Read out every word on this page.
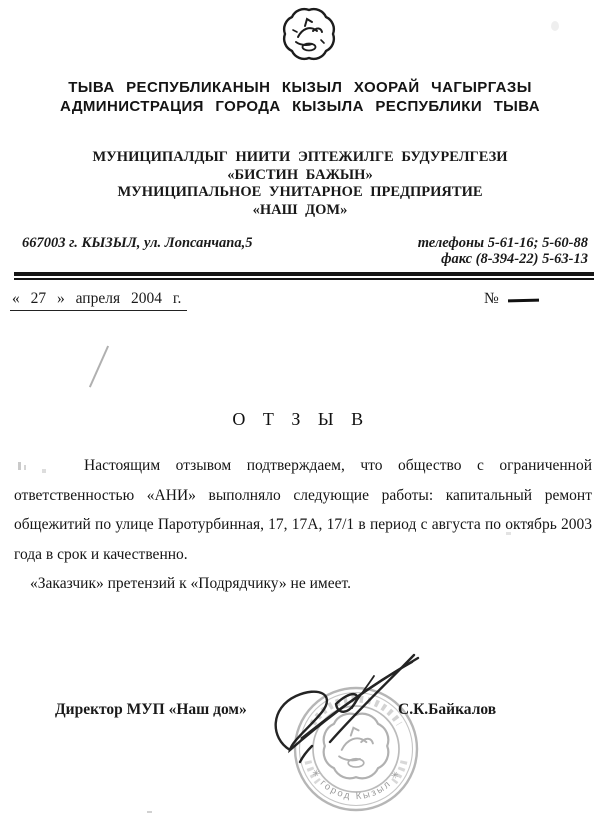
ТЫВА РЕСПУБЛИКАНЫН КЫЗЫЛ ХООРАЙ ЧАГЫРГАЗЫ
АДМИНИСТРАЦИЯ ГОРОДА КЫЗЫЛА РЕСПУБЛИКИ ТЫВА
МУНИЦИПАЛДЫГ НИИТИ ЭПТЕЖИЛГЕ БУДУРЕЛГЕЗИ
«БИСТИН БАЖЫН»
МУНИЦИПАЛЬНОЕ УНИТАРНОЕ ПРЕДПРИЯТИЕ
«НАШ ДОМ»
667003 г. КЫЗЫЛ, ул. Лопсанчапа,5	телефоны 5-61-16; 5-60-88
факс (8-394-22) 5-63-13
« 27 » апреля 2004 г.	№
О Т З Ы В

Настоящим отзывом подтверждаем, что общество с ограниченной ответственностью «АНИ» выполняло следующие работы: капитальный ремонт общежитий по улице Паротурбинная, 17, 17А, 17/1 в период с августа по октябрь 2003 года в срок и качественно.

«Заказчик» претензий к «Подрядчику» не имеет.

Директор МУП «Наш дом»	С.К.Байкалов
✳ город Кызыл ✳
